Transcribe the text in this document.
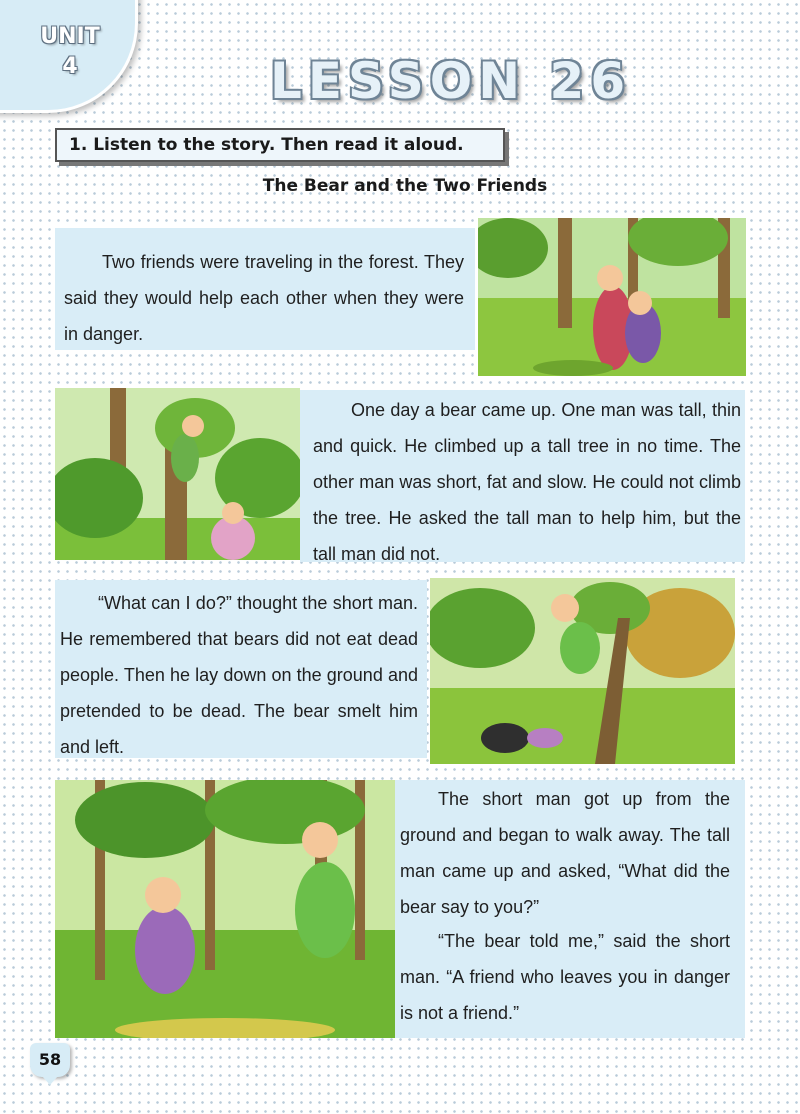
UNIT
4	LESSON 26
1. Listen to the story. Then read it aloud.
The Bear and the Two Friends

Two friends were traveling in the forest. They said they would help each other when they were in danger.

One day a bear came up. One man was tall, thin and quick. He climbed up a tall tree in no time. The other man was short, fat and slow. He could not climb the tree. He asked the tall man to help him, but the tall man did not.

“What can I do?” thought the short man. He remembered that bears did not eat dead people. Then he lay down on the ground and pretended to be dead. The bear smelt him and left.

The short man got up from the ground and began to walk away. The tall man came up and asked, “What did the bear say to you?”

“The bear told me,” said the short man. “A friend who leaves you in danger is not a friend.”

58
